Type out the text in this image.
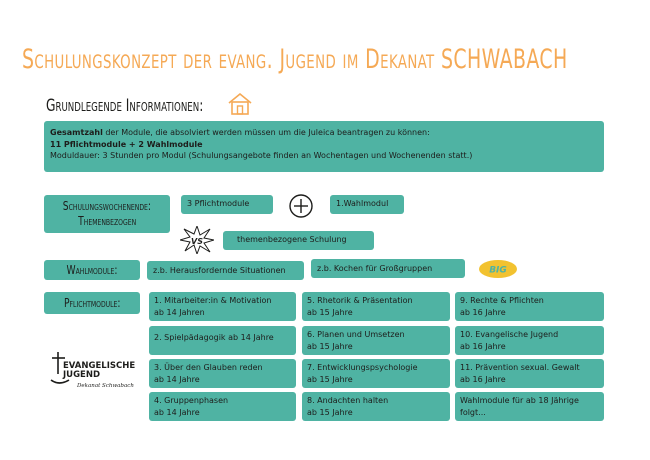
Schulungskonzept der evang. Jugend im Dekanat SCHWABACH
Grundlegende Informationen:
Gesamtzahl der Module, die absolviert werden müssen um die Juleica beantragen zu können:
11 Pflichtmodule + 2 Wahlmodule
Moduldauer: 3 Stunden pro Modul (Schulungsangebote finden an Wochentagen und Wochenenden statt.)
Schulungswochenende:
Themenbezogen
3 Pflichtmodule	1.Wahlmodul
VS	themenbezogene Schulung
Wahlmodule:	z.b. Herausfordernde Situationen	z.b. Kochen für Großgruppen	BIG
Pflichtmodule:	1. Mitarbeiter:in & Motivation
ab 14 Jahren
2. Spielpädagogik ab 14 Jahre
3. Über den Glauben reden
ab 14 Jahre
4. Gruppenphasen
ab 14 Jahre
5. Rhetorik & Präsentation
ab 15 Jahre
6. Planen und Umsetzen
ab 15 Jahre
7. Entwicklungspsychologie
ab 15 Jahre
8. Andachten halten
ab 15 Jahre
9. Rechte & Pflichten
ab 16 Jahre
10. Evangelische Jugend
ab 16 Jahre
11. Prävention sexual. Gewalt
ab 16 Jahre
Wahlmodule für ab 18 Jährige
folgt...
EVANGELISCHE
JUGEND
Dekanat Schwabach
